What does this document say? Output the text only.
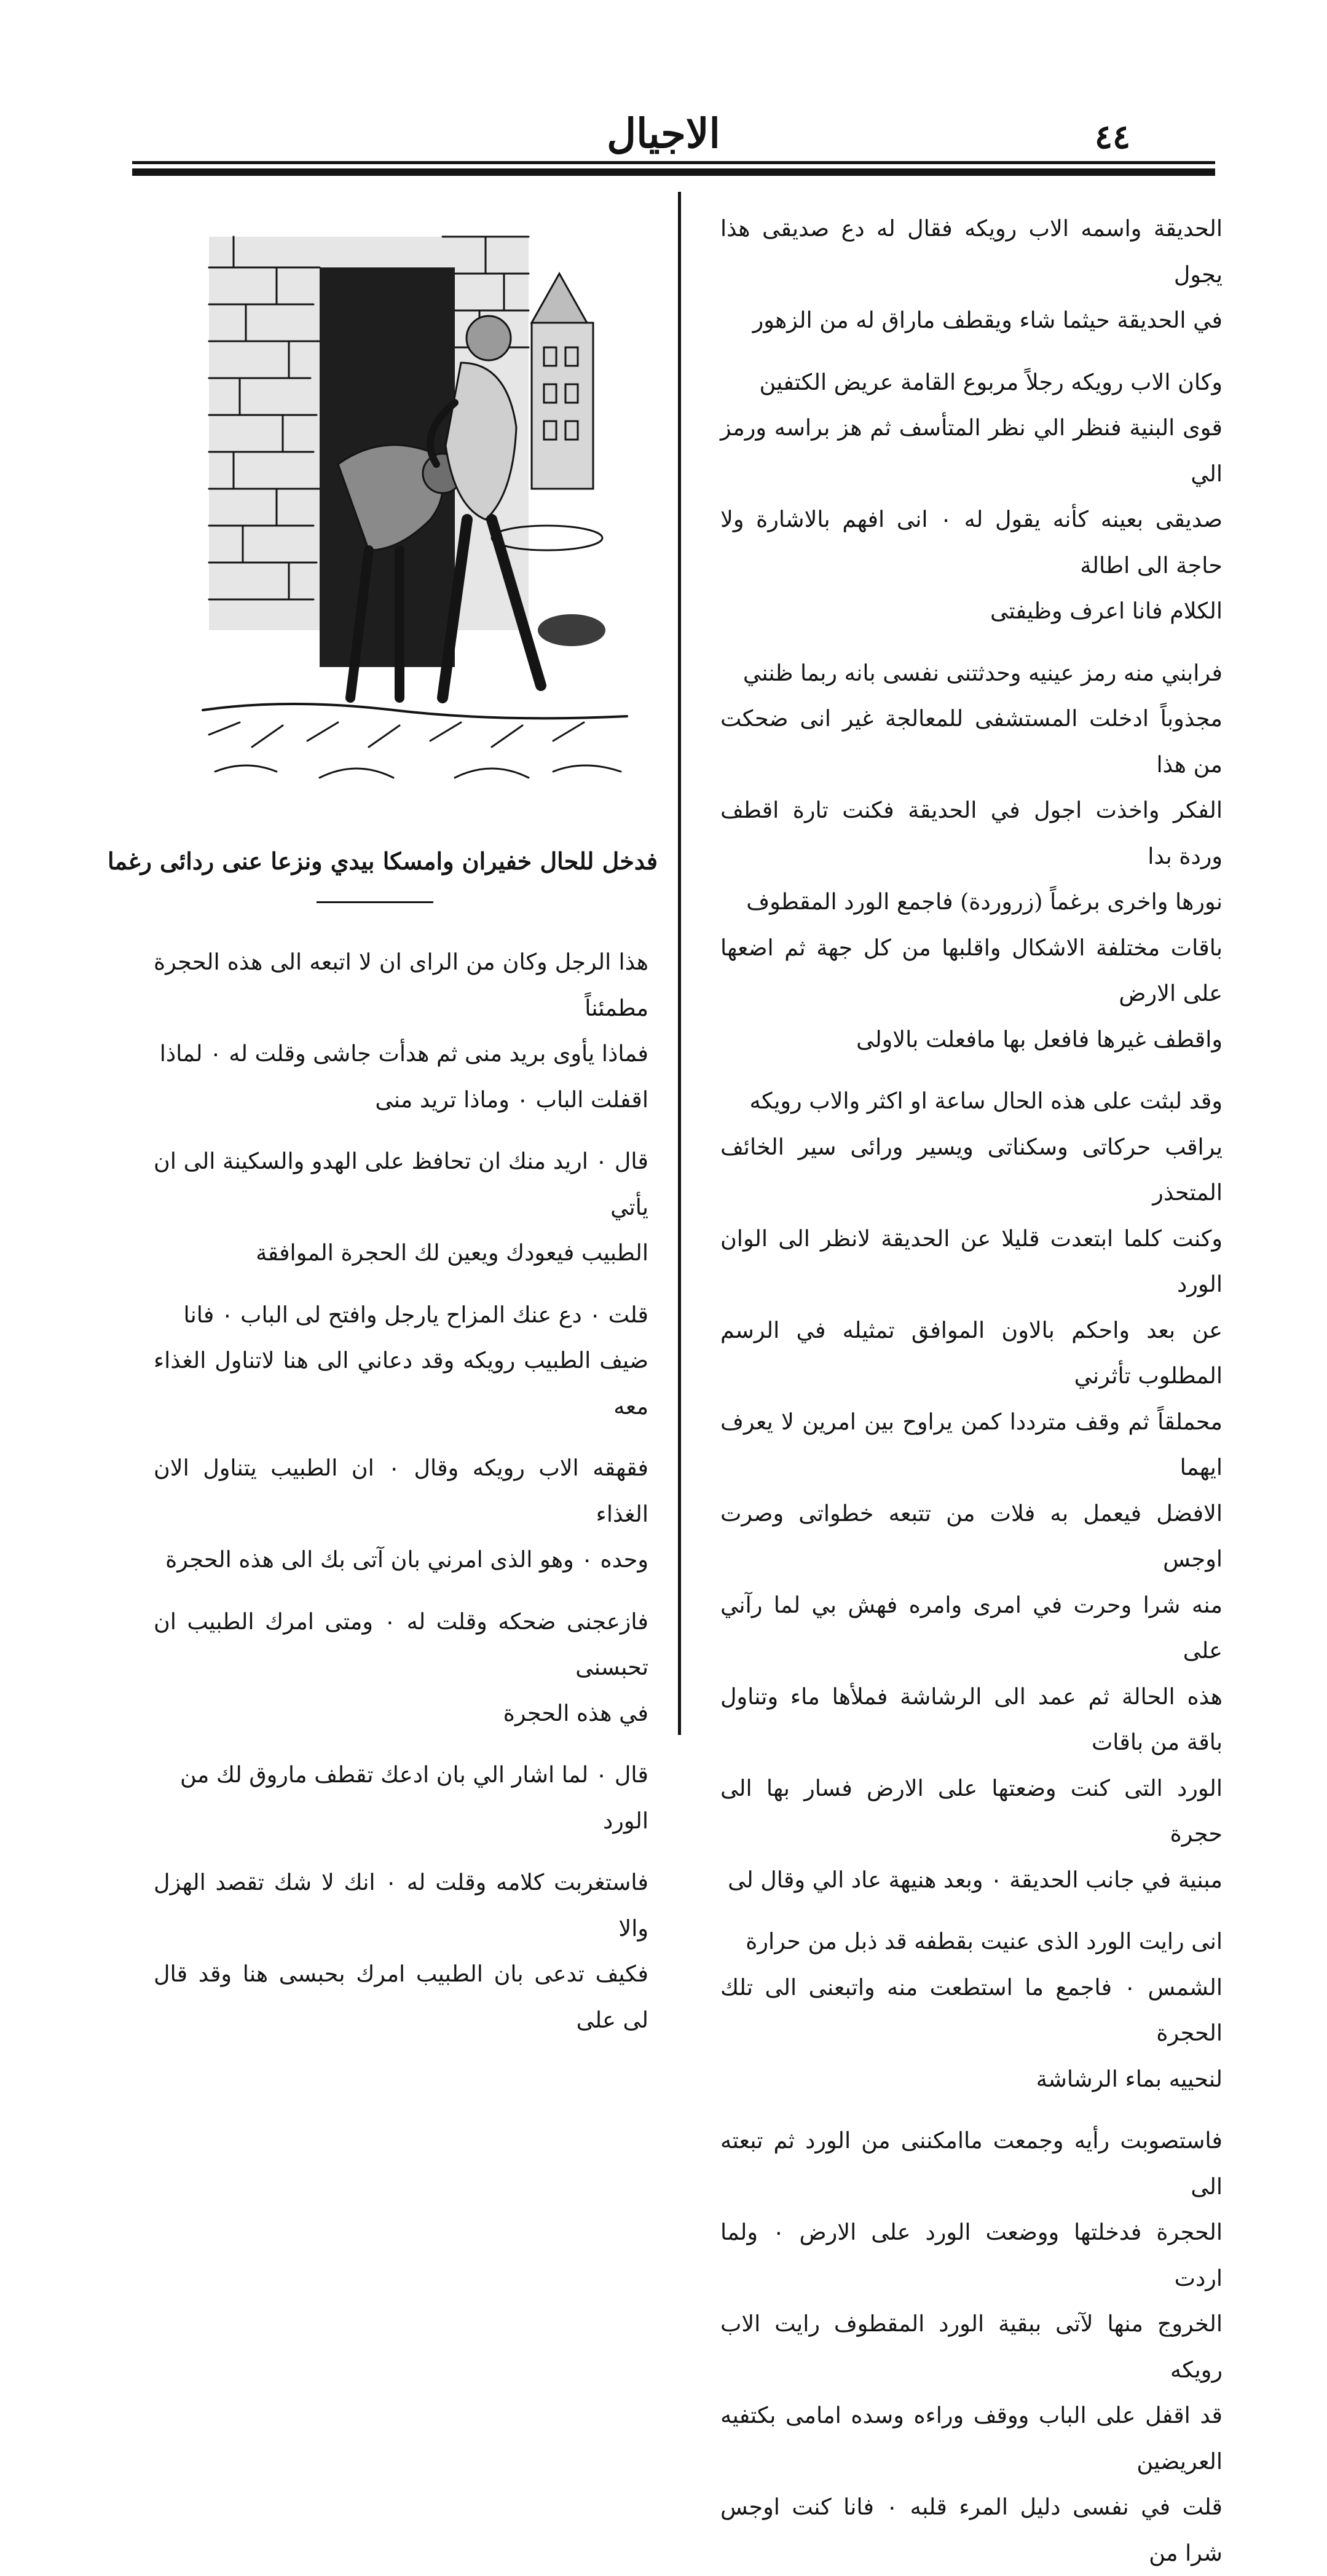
٤٤
الاجيال

الحديقة واسمه الاب رويكه فقال له دع صديقى هذا يجول

في الحديقة حيثما شاء ويقطف ماراق له من الزهور

وكان الاب رويكه رجلاً مربوع القامة عريض الكتفين

قوى البنية فنظر الي نظر المتأسف ثم هز براسه ورمز الي

صديقى بعينه كأنه يقول له ٠ انى افهم بالاشارة ولا حاجة الى اطالة

الكلام فانا اعرف وظيفتى

فرابني منه رمز عينيه وحدثتنى نفسى بانه ربما ظنني

مجذوباً ادخلت المستشفى للمعالجة غير انى ضحكت من هذا

الفكر واخذت اجول في الحديقة فكنت تارة اقطف وردة بدا

نورها واخرى برغماً (زروردة) فاجمع الورد المقطوف

باقات مختلفة الاشكال واقلبها من كل جهة ثم اضعها على الارض

واقطف غيرها فافعل بها مافعلت بالاولى

وقد لبثت على هذه الحال ساعة او اكثر والاب رويكه

يراقب حركاتى وسكناتى ويسير ورائى سير الخائف المتحذر

وكنت كلما ابتعدت قليلا عن الحديقة لانظر الى الوان الورد

عن بعد واحكم بالاون الموافق تمثيله في الرسم المطلوب تأثرني

محملقاً ثم وقف مترددا كمن يراوح بين امرين لا يعرف ايهما

الافضل فيعمل به فلات من تتبعه خطواتى وصرت اوجس

منه شرا وحرت في امرى وامره فهش بي لما رآني على

هذه الحالة ثم عمد الى الرشاشة فملأها ماء وتناول باقة من باقات

الورد التى كنت وضعتها على الارض فسار بها الى حجرة

مبنية في جانب الحديقة ٠ وبعد هنيهة عاد الي وقال لى

انى رايت الورد الذى عنيت بقطفه قد ذبل من حرارة

الشمس ٠ فاجمع ما استطعت منه واتبعنى الى تلك الحجرة

لنحييه بماء الرشاشة

فاستصوبت رأيه وجمعت ماامكننى من الورد ثم تبعته الى

الحجرة فدخلتها ووضعت الورد على الارض ٠ ولما اردت

الخروج منها لآتى ببقية الورد المقطوف رايت الاب رويكه

قد اقفل على الباب ووقف وراءه وسده امامى بكتفيه العريضين

قلت في نفسى دليل المرء قلبه ٠ فانا كنت اوجس شرا من

فدخل للحال خفيران وامسكا بيدي ونزعا عنى ردائى رغما

هذا الرجل وكان من الراى ان لا اتبعه الى هذه الحجرة مطمئناً

فماذا يأوى بريد منى ثم هدأت جاشى وقلت له ٠ لماذا

اقفلت الباب ٠ وماذا تريد منى

قال ٠ اريد منك ان تحافظ على الهدو والسكينة الى ان يأتي

الطبيب فيعودك ويعين لك الحجرة الموافقة

قلت ٠ دع عنك المزاح يارجل وافتح لى الباب ٠ فانا

ضيف الطبيب رويكه وقد دعاني الى هنا لاتناول الغذاء معه

فقهقه الاب رويكه وقال ٠ ان الطبيب يتناول الان الغذاء

وحده ٠ وهو الذى امرني بان آتى بك الى هذه الحجرة

فازعجنى ضحكه وقلت له ٠ ومتى امرك الطبيب ان تحبسنى

في هذه الحجرة

قال ٠ لما اشار الي بان ادعك تقطف ماروق لك من

الورد

فاستغربت كلامه وقلت له ٠ انك لا شك تقصد الهزل والا

فكيف تدعى بان الطبيب امرك بحبسى هنا وقد قال لى على
